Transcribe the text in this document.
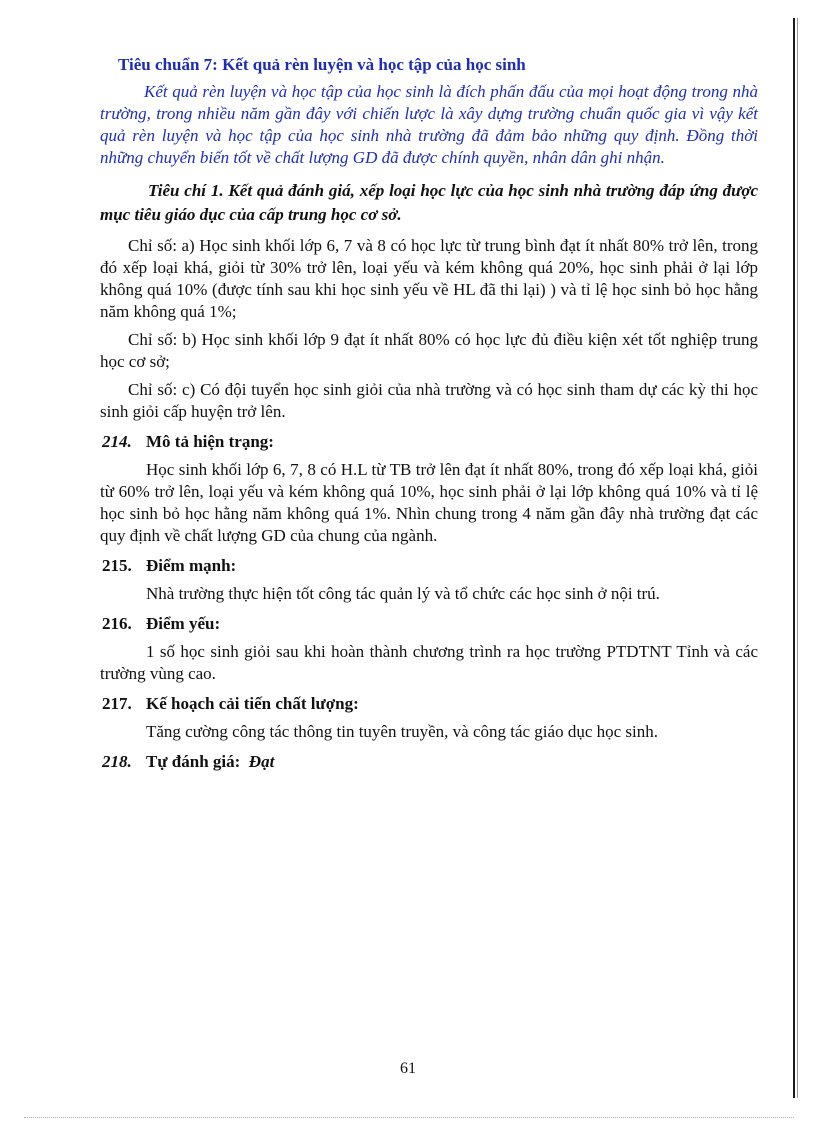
Tiêu chuẩn 7: Kết quả rèn luyện và học tập của học sinh

Kết quả rèn luyện và học tập của học sinh là đích phấn đấu của mọi hoạt động trong nhà trường, trong nhiều năm gần đây với chiến lược là xây dựng trường chuẩn quốc gia vì vậy kết quả rèn luyện và học tập của học sinh nhà trường đã đảm bảo những quy định. Đồng thời những chuyển biến tốt về chất lượng GD đã được chính quyền, nhân dân ghi nhận.

Tiêu chí 1. Kết quả đánh giá, xếp loại học lực của học sinh nhà trường đáp ứng được mục tiêu giáo dục của cấp trung học cơ sở.

Chỉ số: a) Học sinh khối lớp 6, 7 và 8 có học lực từ trung bình đạt ít nhất 80% trở lên, trong đó xếp loại khá, giỏi từ 30% trở lên, loại yếu và kém không quá 20%, học sinh phải ở lại lớp không quá 10% (được tính sau khi học sinh yếu về HL đã thi lại) ) và tỉ lệ học sinh bỏ học hằng năm không quá 1%;

Chỉ số: b) Học sinh khối lớp 9 đạt ít nhất 80% có học lực đủ điều kiện xét tốt nghiệp trung học cơ sở;

Chỉ số: c) Có đội tuyển học sinh giỏi của nhà trường và có học sinh tham dự các kỳ thi học sinh giỏi cấp huyện trở lên.

214. Mô tả hiện trạng:

Học sinh khối lớp 6, 7, 8 có H.L từ TB trở lên đạt ít nhất 80%, trong đó xếp loại khá, giỏi từ 60% trở lên, loại yếu và kém không quá 10%, học sinh phải ở lại lớp không quá 10% và tỉ lệ học sinh bỏ học hằng năm không quá 1%. Nhìn chung trong 4 năm gần đây nhà trường đạt các quy định về chất lượng GD của chung của ngành.

215. Điểm mạnh:

Nhà trường thực hiện tốt công tác quản lý và tổ chức các học sinh ở nội trú.

216. Điểm yếu:

1 số học sinh giỏi sau khi hoàn thành chương trình ra học trường PTDTNT Tỉnh và các trường vùng cao.

217. Kế hoạch cải tiến chất lượng:

Tăng cường công tác thông tin tuyên truyền, và công tác giáo dục học sinh.

218. Tự đánh giá: Đạt
61
